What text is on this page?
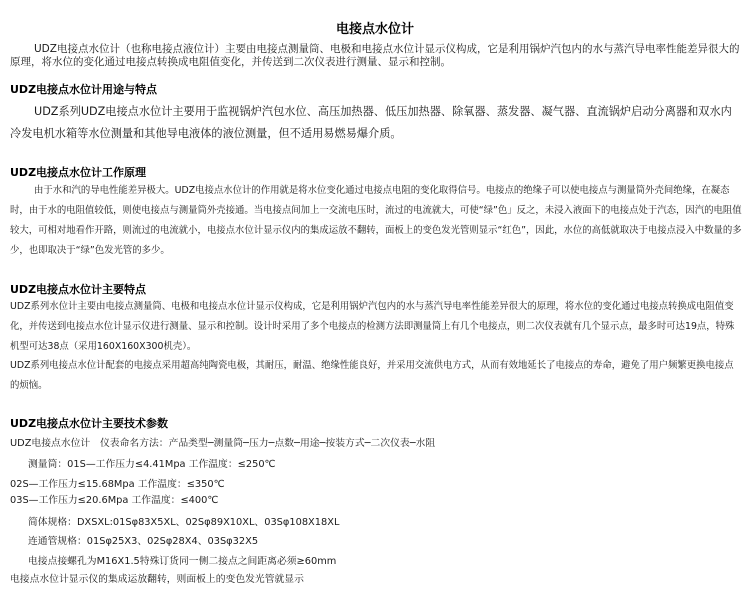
电接点水位计
UDZ电接点水位计（也称电接点液位计）主要由电接点测量筒、电极和电接点水位计显示仪构成，它是利用锅炉汽包内的水与蒸汽导电率性能差异很大的原理，将水位的变化通过电接点转换成电阻值变化，并传送到二次仪表进行测量、显示和控制。
UDZ电接点水位计用途与特点
UDZ系列UDZ电接点水位计主要用于监视锅炉汽包水位、高压加热器、低压加热器、除氧器、蒸发器、凝气器、直流锅炉启动分离器和双水内冷发电机水箱等水位测量和其他导电液体的液位测量，但不适用易燃易爆介质。
UDZ电接点水位计工作原理
由于水和汽的导电性能差异极大。UDZ电接点水位计的作用就是将水位变化通过电接点电阻的变化取得信号。电接点的绝缘子可以使电接点与测量筒外壳间绝缘，在凝态时，由于水的电阻值较低，则使电接点与测量筒外壳接通。当电接点间加上一交流电压时，流过的电流就大，可使“绿”色」反之，未浸入液面下的电接点处于汽态，因汽的电阻值较大，可相对地看作开路，则流过的电流就小，电接点水位计显示仪内的集成运放不翻转，面板上的变色发光管则显示“红色”，因此，水位的高低就取决于电接点浸入中数量的多少，也即取决于“绿”色发光管的多少。
UDZ电接点水位计主要特点
UDZ系列水位计主要由电接点测量筒、电极和电接点水位计显示仪构成，它是利用锅炉汽包内的水与蒸汽导电率性能差异很大的原理，将水位的变化通过电接点转换成电阻值变化，并传送到电接点水位计显示仪进行测量、显示和控制。设计时采用了多个电接点的检测方法即测量筒上有几个电接点，则二次仪表就有几个显示点，最多时可达19点，特殊机型可达38点（采用160X160X300机壳）。
UDZ系列电接点水位计配套的电接点采用超高纯陶瓷电极，其耐压，耐温、绝缘性能良好，并采用交流供电方式，从而有效地延长了电接点的寿命，避免了用户频繁更换电接点的烦恼。
UDZ电接点水位计主要技术参数
UDZ电接点水位计　仪表命名方法：产品类型─测量筒─压力─点数─用途─按装方式─二次仪表─水阻
测量筒：01S—工作压力≤4.41Mpa 工作温度：≤250℃
02S—工作压力≤15.68Mpa 工作温度：≤350℃
03S—工作压力≤20.6Mpa 工作温度：≤400℃
简体规格：DXSXL:01Sφ83X5XL、02Sφ89X10XL、03Sφ108X18XL
连通管规格：01Sφ25X3、02Sφ28X4、03Sφ32X5
电接点接螺孔为M16X1.5特殊订货同一侧二接点之间距离必须≥60mm
电接点水位计显示仪的集成运放翻转，则面板上的变色发光管就显示
